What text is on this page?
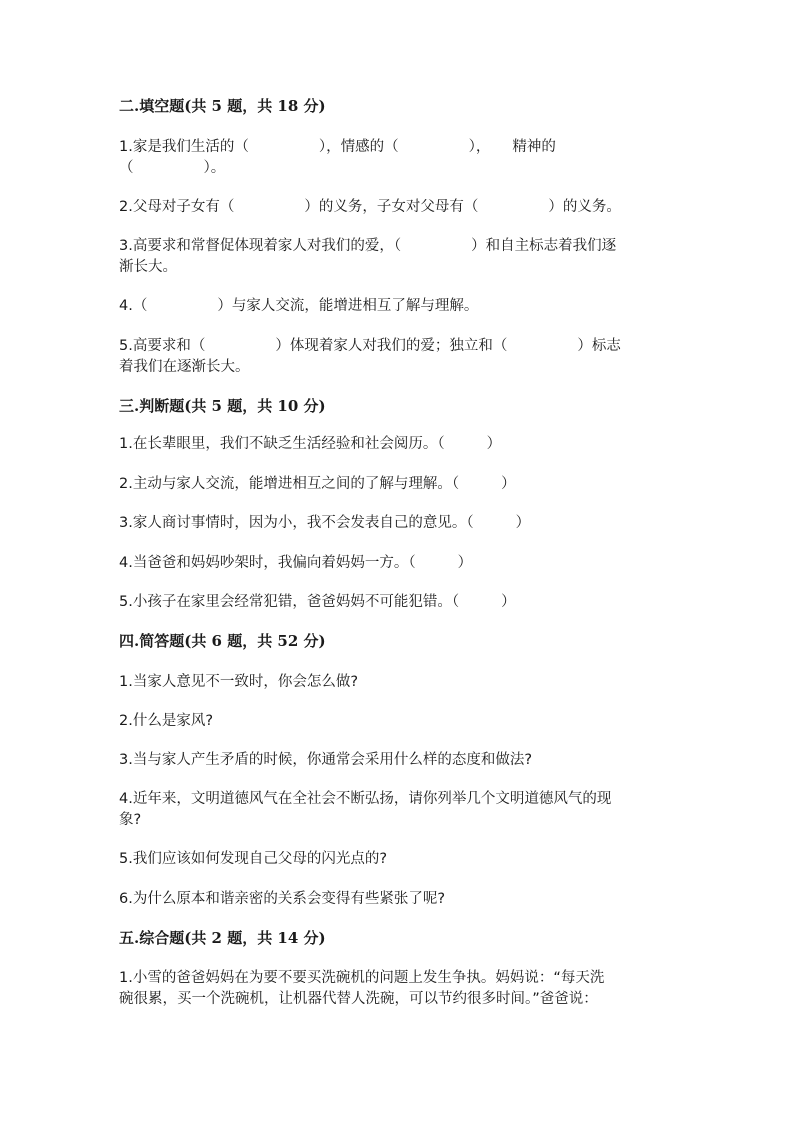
二.填空题(共 5 题，共 18 分)
1.家是我们生活的（	），情感的（	）， 精神的
（	）。
2.父母对子女有（	）的义务，子女对父母有（	）的义务。
3.高要求和常督促体现着家人对我们的爱，（	）和自主标志着我们逐
渐长大。
4.（	）与家人交流，能增进相互了解与理解。
5.高要求和（	）体现着家人对我们的爱；独立和（	）标志
着我们在逐渐长大。
三.判断题(共 5 题，共 10 分)
1.在长辈眼里，我们不缺乏生活经验和社会阅历。（	）
2.主动与家人交流，能增进相互之间的了解与理解。（	）
3.家人商讨事情时，因为小，我不会发表自己的意见。（	）
4.当爸爸和妈妈吵架时，我偏向着妈妈一方。（	）
5.小孩子在家里会经常犯错，爸爸妈妈不可能犯错。（	）
四.简答题(共 6 题，共 52 分)
1.当家人意见不一致时，你会怎么做?
2.什么是家风?
3.当与家人产生矛盾的时候，你通常会采用什么样的态度和做法?
4.近年来，文明道德风气在全社会不断弘扬，请你列举几个文明道德风气的现
象?
5.我们应该如何发现自己父母的闪光点的?
6.为什么原本和谐亲密的关系会变得有些紧张了呢?
五.综合题(共 2 题，共 14 分)
1.小雪的爸爸妈妈在为要不要买洗碗机的问题上发生争执。妈妈说：“每天洗
碗很累，买一个洗碗机，让机器代替人洗碗，可以节约很多时间。”爸爸说：
